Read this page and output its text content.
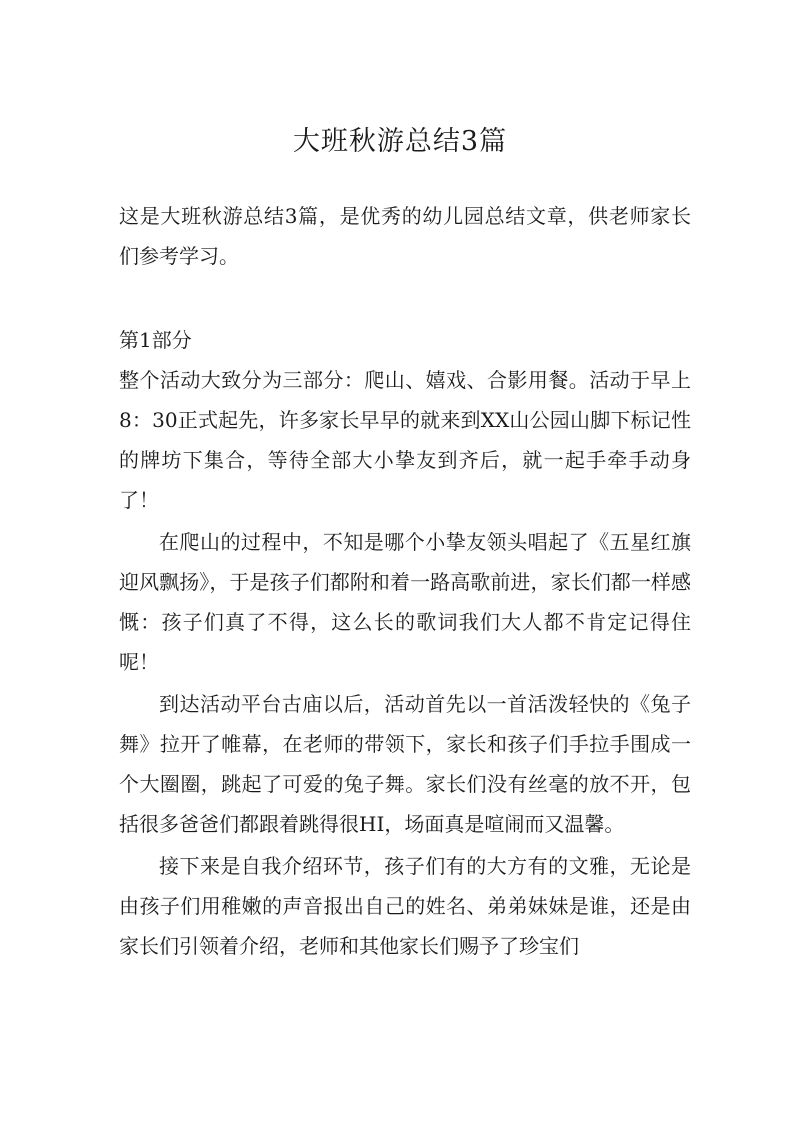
大班秋游总结3篇

这是大班秋游总结3篇，是优秀的幼儿园总结文章，供老师家长们参考学习。

第1部分

整个活动大致分为三部分：爬山、嬉戏、合影用餐。活动于早上8：30正式起先，许多家长早早的就来到XX山公园山脚下标记性的牌坊下集合，等待全部大小挚友到齐后，就一起手牵手动身了！

在爬山的过程中，不知是哪个小挚友领头唱起了《五星红旗迎风飘扬》，于是孩子们都附和着一路高歌前进，家长们都一样感慨：孩子们真了不得，这么长的歌词我们大人都不肯定记得住呢！

到达活动平台古庙以后，活动首先以一首活泼轻快的《兔子舞》拉开了帷幕，在老师的带领下，家长和孩子们手拉手围成一个大圈圈，跳起了可爱的兔子舞。家长们没有丝毫的放不开，包括很多爸爸们都跟着跳得很HI，场面真是喧闹而又温馨。

接下来是自我介绍环节，孩子们有的大方有的文雅，无论是由孩子们用稚嫩的声音报出自己的姓名、弟弟妹妹是谁，还是由家长们引领着介绍，老师和其他家长们赐予了珍宝们
